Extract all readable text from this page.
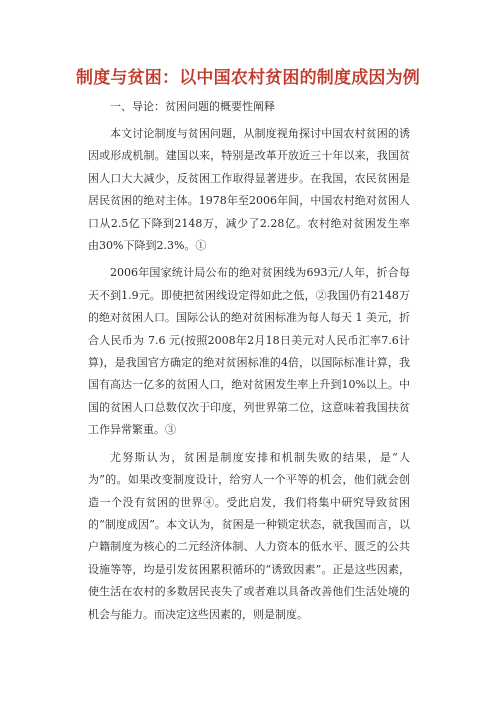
制度与贫困：以中国农村贫困的制度成因为例

一、导论：贫困问题的概要性阐释

本文讨论制度与贫困问题，从制度视角探讨中国农村贫困的诱因或形成机制。建国以来，特别是改革开放近三十年以来，我国贫困人口大大减少，反贫困工作取得显著进步。在我国，农民贫困是居民贫困的绝对主体。1978年至2006年间，中国农村绝对贫困人口从2.5亿下降到2148万，减少了2.28亿。农村绝对贫困发生率由30%下降到2.3%。①

2006年国家统计局公布的绝对贫困线为693元/人年，折合每天不到1.9元。即使把贫困线设定得如此之低，②我国仍有2148万的绝对贫困人口。国际公认的绝对贫困标准为每人每天 1 美元，折合人民币为 7.6 元(按照2008年2月18日美元对人民币汇率7.6计算)，是我国官方确定的绝对贫困标准的4倍，以国际标准计算，我国有高达一亿多的贫困人口，绝对贫困发生率上升到10%以上。中国的贫困人口总数仅次于印度，列世界第二位，这意味着我国扶贫工作异常繁重。③

尤努斯认为，贫困是制度安排和机制失败的结果，是“人为”的。如果改变制度设计，给穷人一个平等的机会，他们就会创造一个没有贫困的世界④。受此启发，我们将集中研究导致贫困的“制度成因”。本文认为，贫困是一种锁定状态，就我国而言，以户籍制度为核心的二元经济体制、人力资本的低水平、匮乏的公共设施等等，均是引发贫困累积循环的“诱致因素”。正是这些因素，使生活在农村的多数居民丧失了或者难以具备改善他们生活处境的机会与能力。而决定这些因素的，则是制度。
